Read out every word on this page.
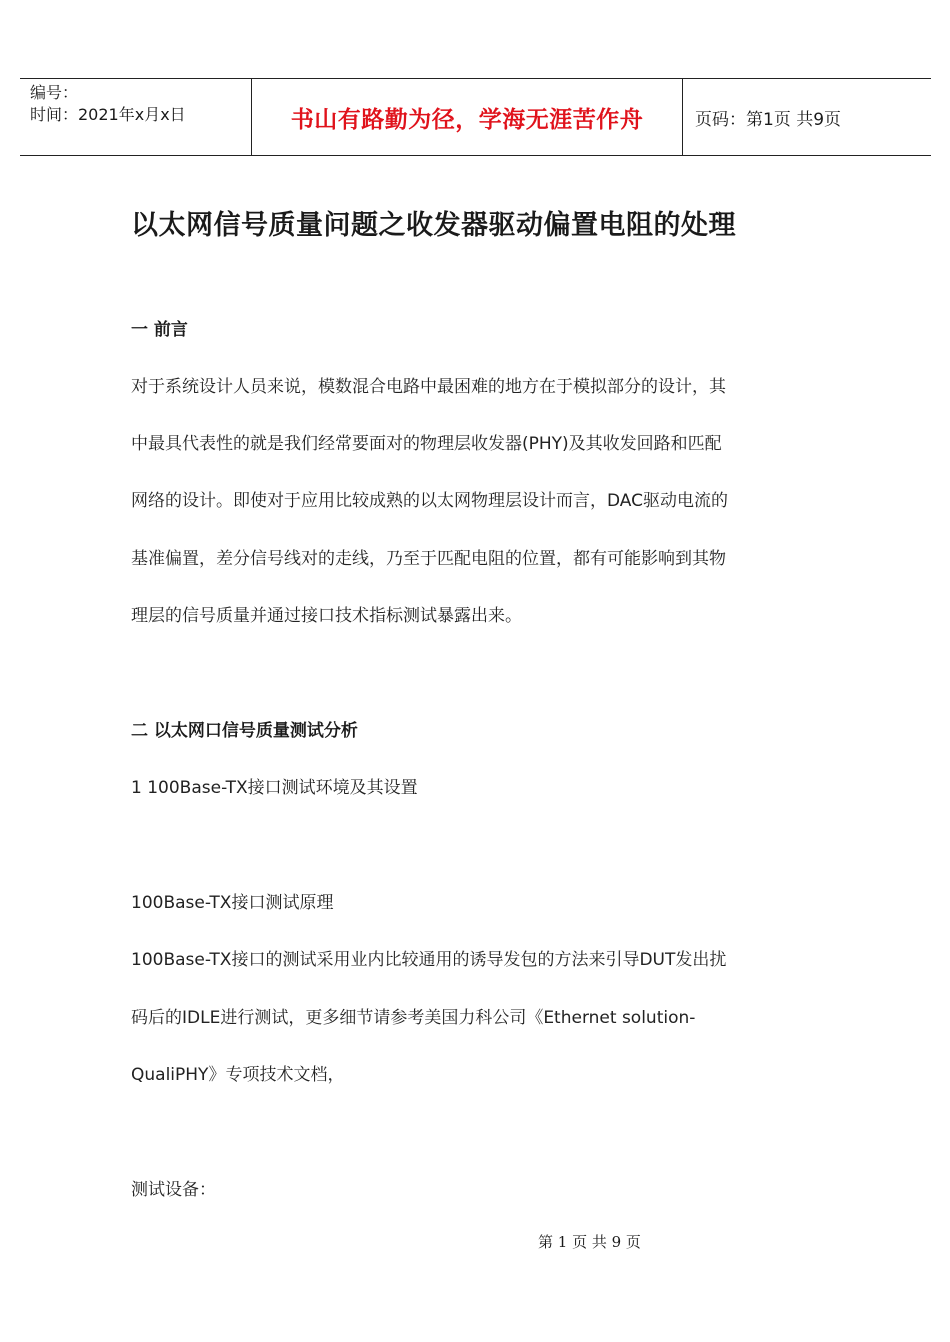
编号：
时间：2021年x月x日	书山有路勤为径，学海无涯苦作舟	页码：第1页 共9页
以太网信号质量问题之收发器驱动偏置电阻的处理
一 前言
对于系统设计人员来说，模数混合电路中最困难的地方在于模拟部分的设计，其
中最具代表性的就是我们经常要面对的物理层收发器(PHY)及其收发回路和匹配
网络的设计。即使对于应用比较成熟的以太网物理层设计而言，DAC驱动电流的
基准偏置，差分信号线对的走线，乃至于匹配电阻的位置，都有可能影响到其物
理层的信号质量并通过接口技术指标测试暴露出来。
二 以太网口信号质量测试分析
1 100Base-TX接口测试环境及其设置
100Base-TX接口测试原理
100Base-TX接口的测试采用业内比较通用的诱导发包的方法来引导DUT发出扰
码后的IDLE进行测试，更多细节请参考美国力科公司《Ethernet solution-
QualiPHY》专项技术文档，
测试设备：
第 1 页 共 9 页
